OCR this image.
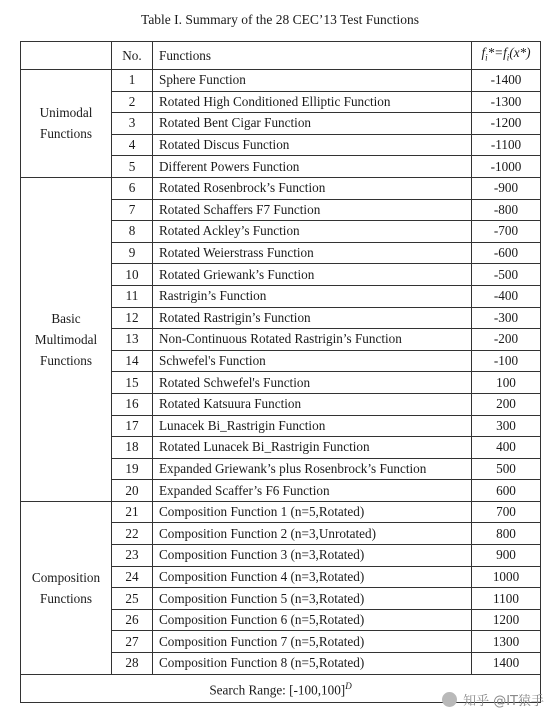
Table I. Summary of the 28 CEC’13 Test Functions
	No.	Functions	$f_i*=f_i(x*)$
Unimodal
Functions	1	Sphere Function	-1400
	2	Rotated High Conditioned Elliptic Function	-1300
	3	Rotated Bent Cigar Function	-1200
	4	Rotated Discus Function	-1100
	5	Different Powers Function	-1000
Basic
Multimodal
Functions	6	Rotated Rosenbrock’s Function	-900
	7	Rotated Schaffers F7 Function	-800
	8	Rotated Ackley’s Function	-700
	9	Rotated Weierstrass Function	-600
	10	Rotated Griewank’s Function	-500
	11	Rastrigin’s Function	-400
	12	Rotated Rastrigin’s Function	-300
	13	Non-Continuous Rotated Rastrigin’s Function	-200
	14	Schwefel's Function	-100
	15	Rotated Schwefel's Function	100
	16	Rotated Katsuura Function	200
	17	Lunacek Bi_Rastrigin Function	300
	18	Rotated Lunacek Bi_Rastrigin Function	400
	19	Expanded Griewank’s plus Rosenbrock’s Function	500
	20	Expanded Scaffer’s F6 Function	600
Composition
Functions	21	Composition Function 1 (n=5,Rotated)	700
	22	Composition Function 2 (n=3,Unrotated)	800
	23	Composition Function 3 (n=3,Rotated)	900
	24	Composition Function 4 (n=3,Rotated)	1000
	25	Composition Function 5 (n=3,Rotated)	1100
	26	Composition Function 6 (n=5,Rotated)	1200
	27	Composition Function 7 (n=5,Rotated)	1300
	28	Composition Function 8 (n=5,Rotated)	1400
Search Range: $[-100,100]^D$
知乎 @IT猿手
